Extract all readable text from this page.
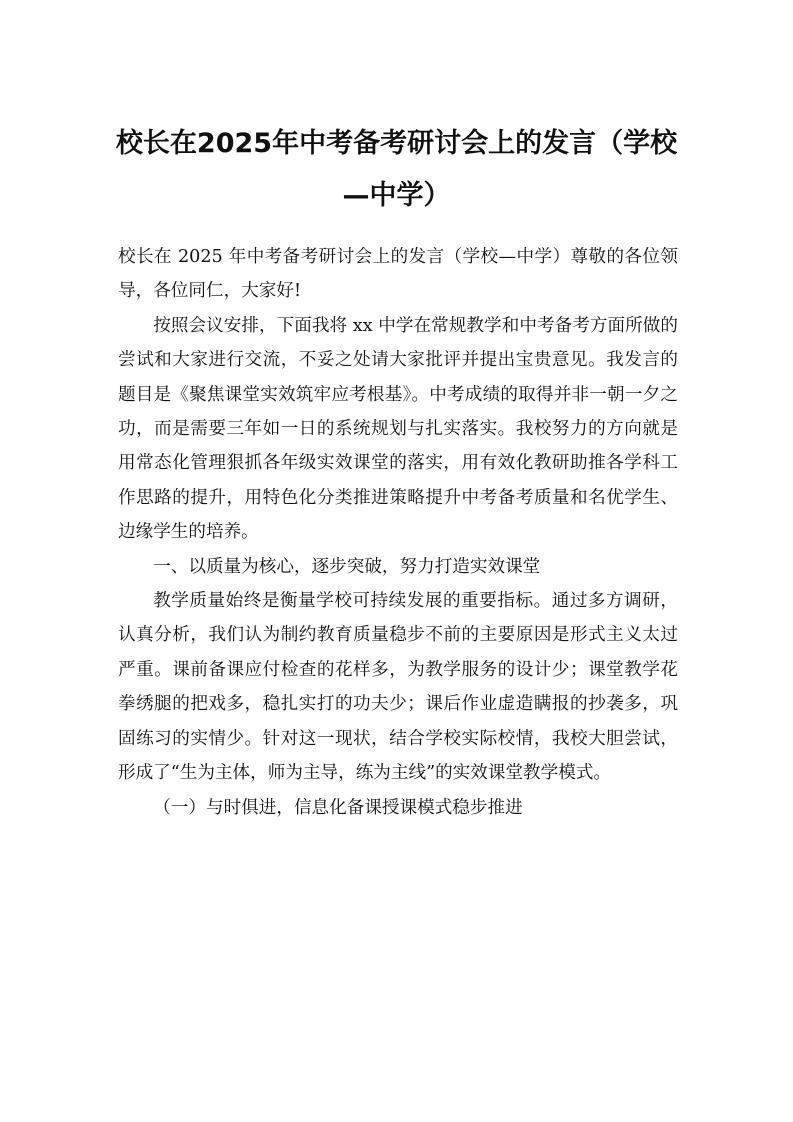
校长在2025年中考备考研讨会上的发言（学校—中学）

校长在 2025 年中考备考研讨会上的发言（学校—中学）尊敬的各位领导，各位同仁，大家好!

按照会议安排，下面我将 xx 中学在常规教学和中考备考方面所做的尝试和大家进行交流，不妥之处请大家批评并提出宝贵意见。我发言的题目是《聚焦课堂实效筑牢应考根基》。中考成绩的取得并非一朝一夕之功，而是需要三年如一日的系统规划与扎实落实。我校努力的方向就是用常态化管理狠抓各年级实效课堂的落实，用有效化教研助推各学科工作思路的提升，用特色化分类推进策略提升中考备考质量和名优学生、边缘学生的培养。

一、以质量为核心，逐步突破，努力打造实效课堂

教学质量始终是衡量学校可持续发展的重要指标。通过多方调研，认真分析，我们认为制约教育质量稳步不前的主要原因是形式主义太过严重。课前备课应付检查的花样多，为教学服务的设计少；课堂教学花拳绣腿的把戏多，稳扎实打的功夫少；课后作业虚造瞒报的抄袭多，巩固练习的实情少。针对这一现状，结合学校实际校情，我校大胆尝试，形成了“生为主体，师为主导，练为主线”的实效课堂教学模式。

（一）与时俱进，信息化备课授课模式稳步推进
